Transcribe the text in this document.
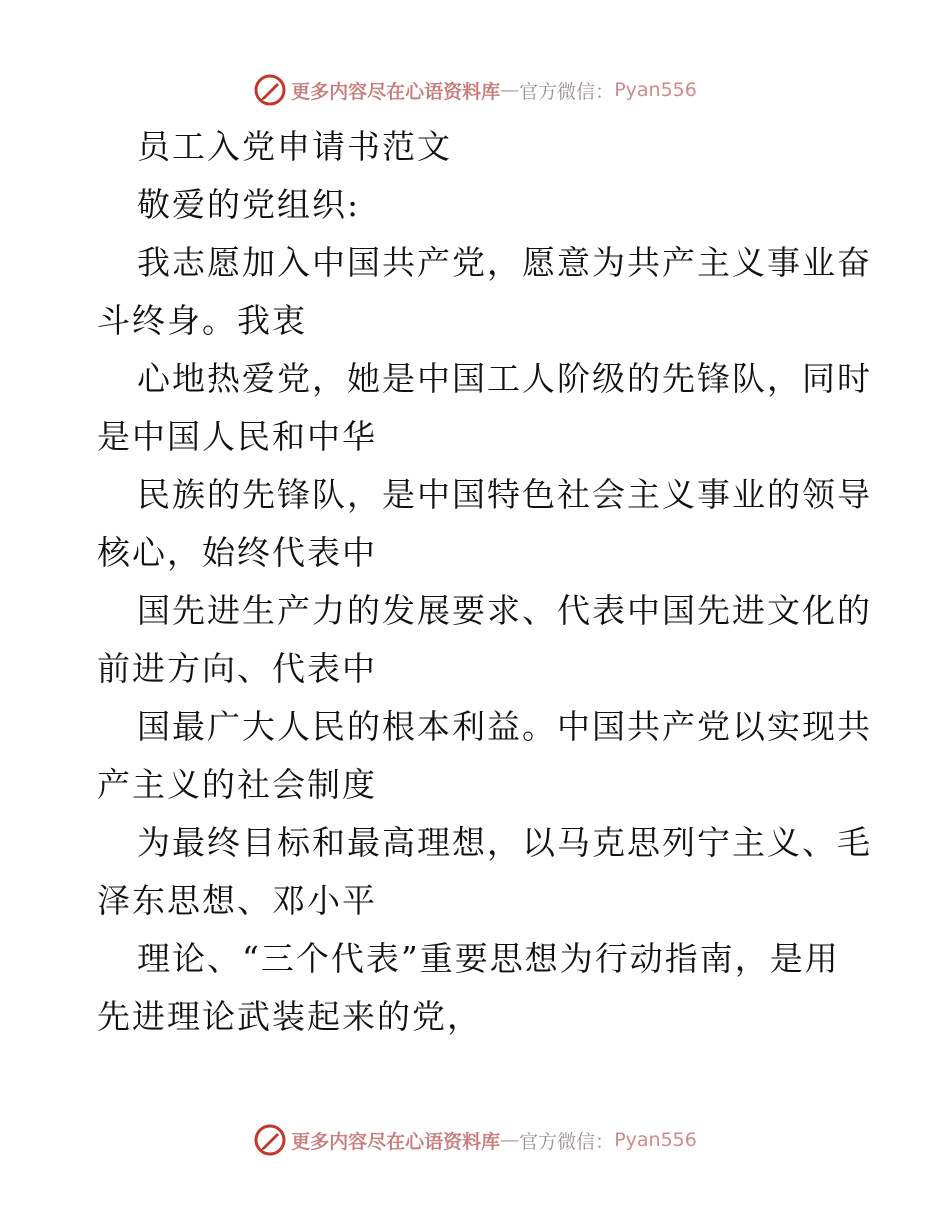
更多内容尽在心语资料库 — 官方微信： Pyan556
员工入党申请书范文
敬爱的党组织:
我志愿加入中国共产党，愿意为共产主义事业奋
斗终身。我衷
心地热爱党，她是中国工人阶级的先锋队，同时
是中国人民和中华
民族的先锋队，是中国特色社会主义事业的领导
核心，始终代表中
国先进生产力的发展要求、代表中国先进文化的
前进方向、代表中
国最广大人民的根本利益。中国共产党以实现共
产主义的社会制度
为最终目标和最高理想，以马克思列宁主义、毛
泽东思想、邓小平
理论、“三个代表”重要思想为行动指南，是用
先进理论武装起来的党，
更多内容尽在心语资料库 — 官方微信： Pyan556
